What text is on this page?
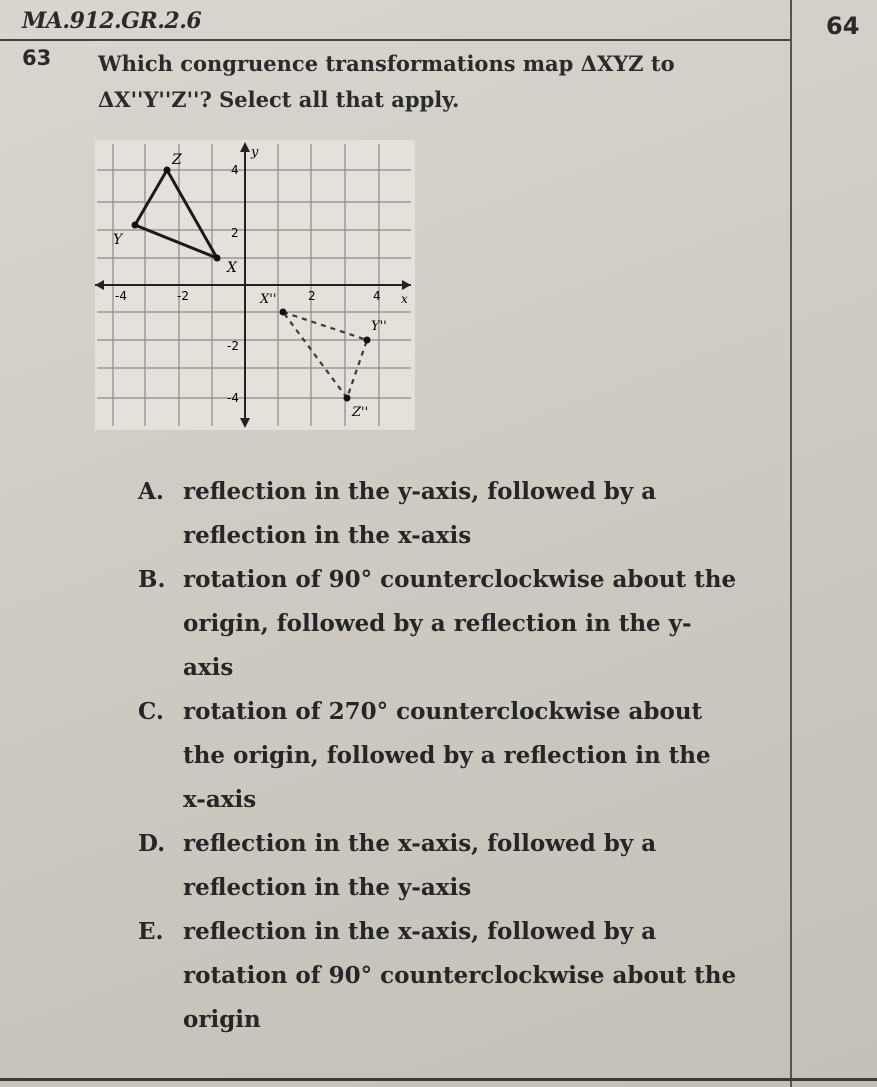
MA.912.GR.2.6	64
63 Which congruence transformations map ΔXYZ to
ΔX''Y''Z''? Select all that apply.
y
x
-4	-2	2	4
4
2
-2
-4
Z
Y
X
X''
Y''
Z''
A. reflection in the y-axis, followed by a
reflection in the x-axis
B. rotation of 90° counterclockwise about the
origin, followed by a reflection in the y-
axis
C. rotation of 270° counterclockwise about
the origin, followed by a reflection in the
x-axis
D. reflection in the x-axis, followed by a
reflection in the y-axis
E. reflection in the x-axis, followed by a
rotation of 90° counterclockwise about the
origin
